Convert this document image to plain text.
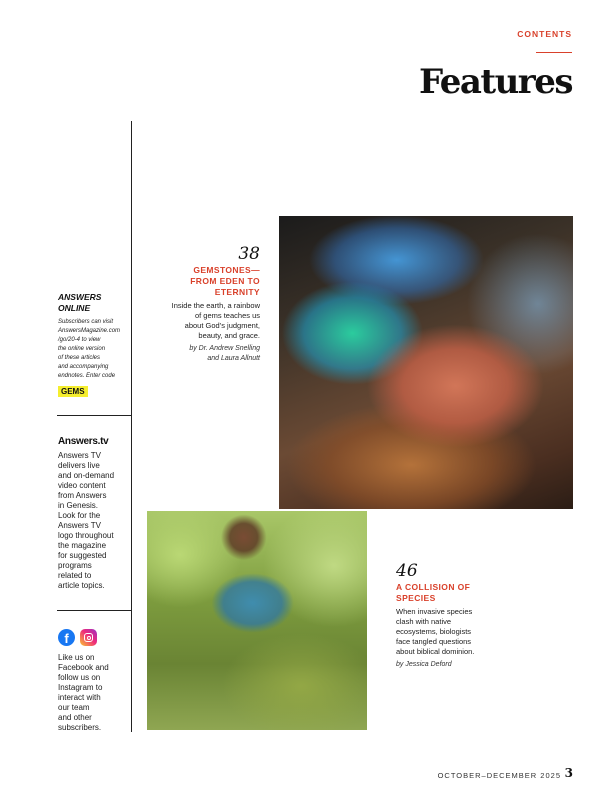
CONTENTS
Features
ANSWERS
ONLINE
Subscribers can visit
AnswersMagazine.com
/go/20-4 to view
the online version
of these articles
and accompanying
endnotes. Enter code
GEMS
Answers.tv
Answers TV
delivers live
and on-demand
video content
from Answers
in Genesis.
Look for the
Answers TV
logo throughout
the magazine
for suggested
programs
related to
article topics.
f
Like us on
Facebook and
follow us on
Instagram to
interact with
our team
and other
subscribers.
38
GEMSTONES—
FROM EDEN TO
ETERNITY
Inside the earth, a rainbow
of gems teaches us
about God’s judgment,
beauty, and grace.
by Dr. Andrew Snelling
and Laura Allnutt
46
A COLLISION OF
SPECIES
When invasive species
clash with native
ecosystems, biologists
face tangled questions
about biblical dominion.
by Jessica Deford
OCTOBER–DECEMBER 2025 3
